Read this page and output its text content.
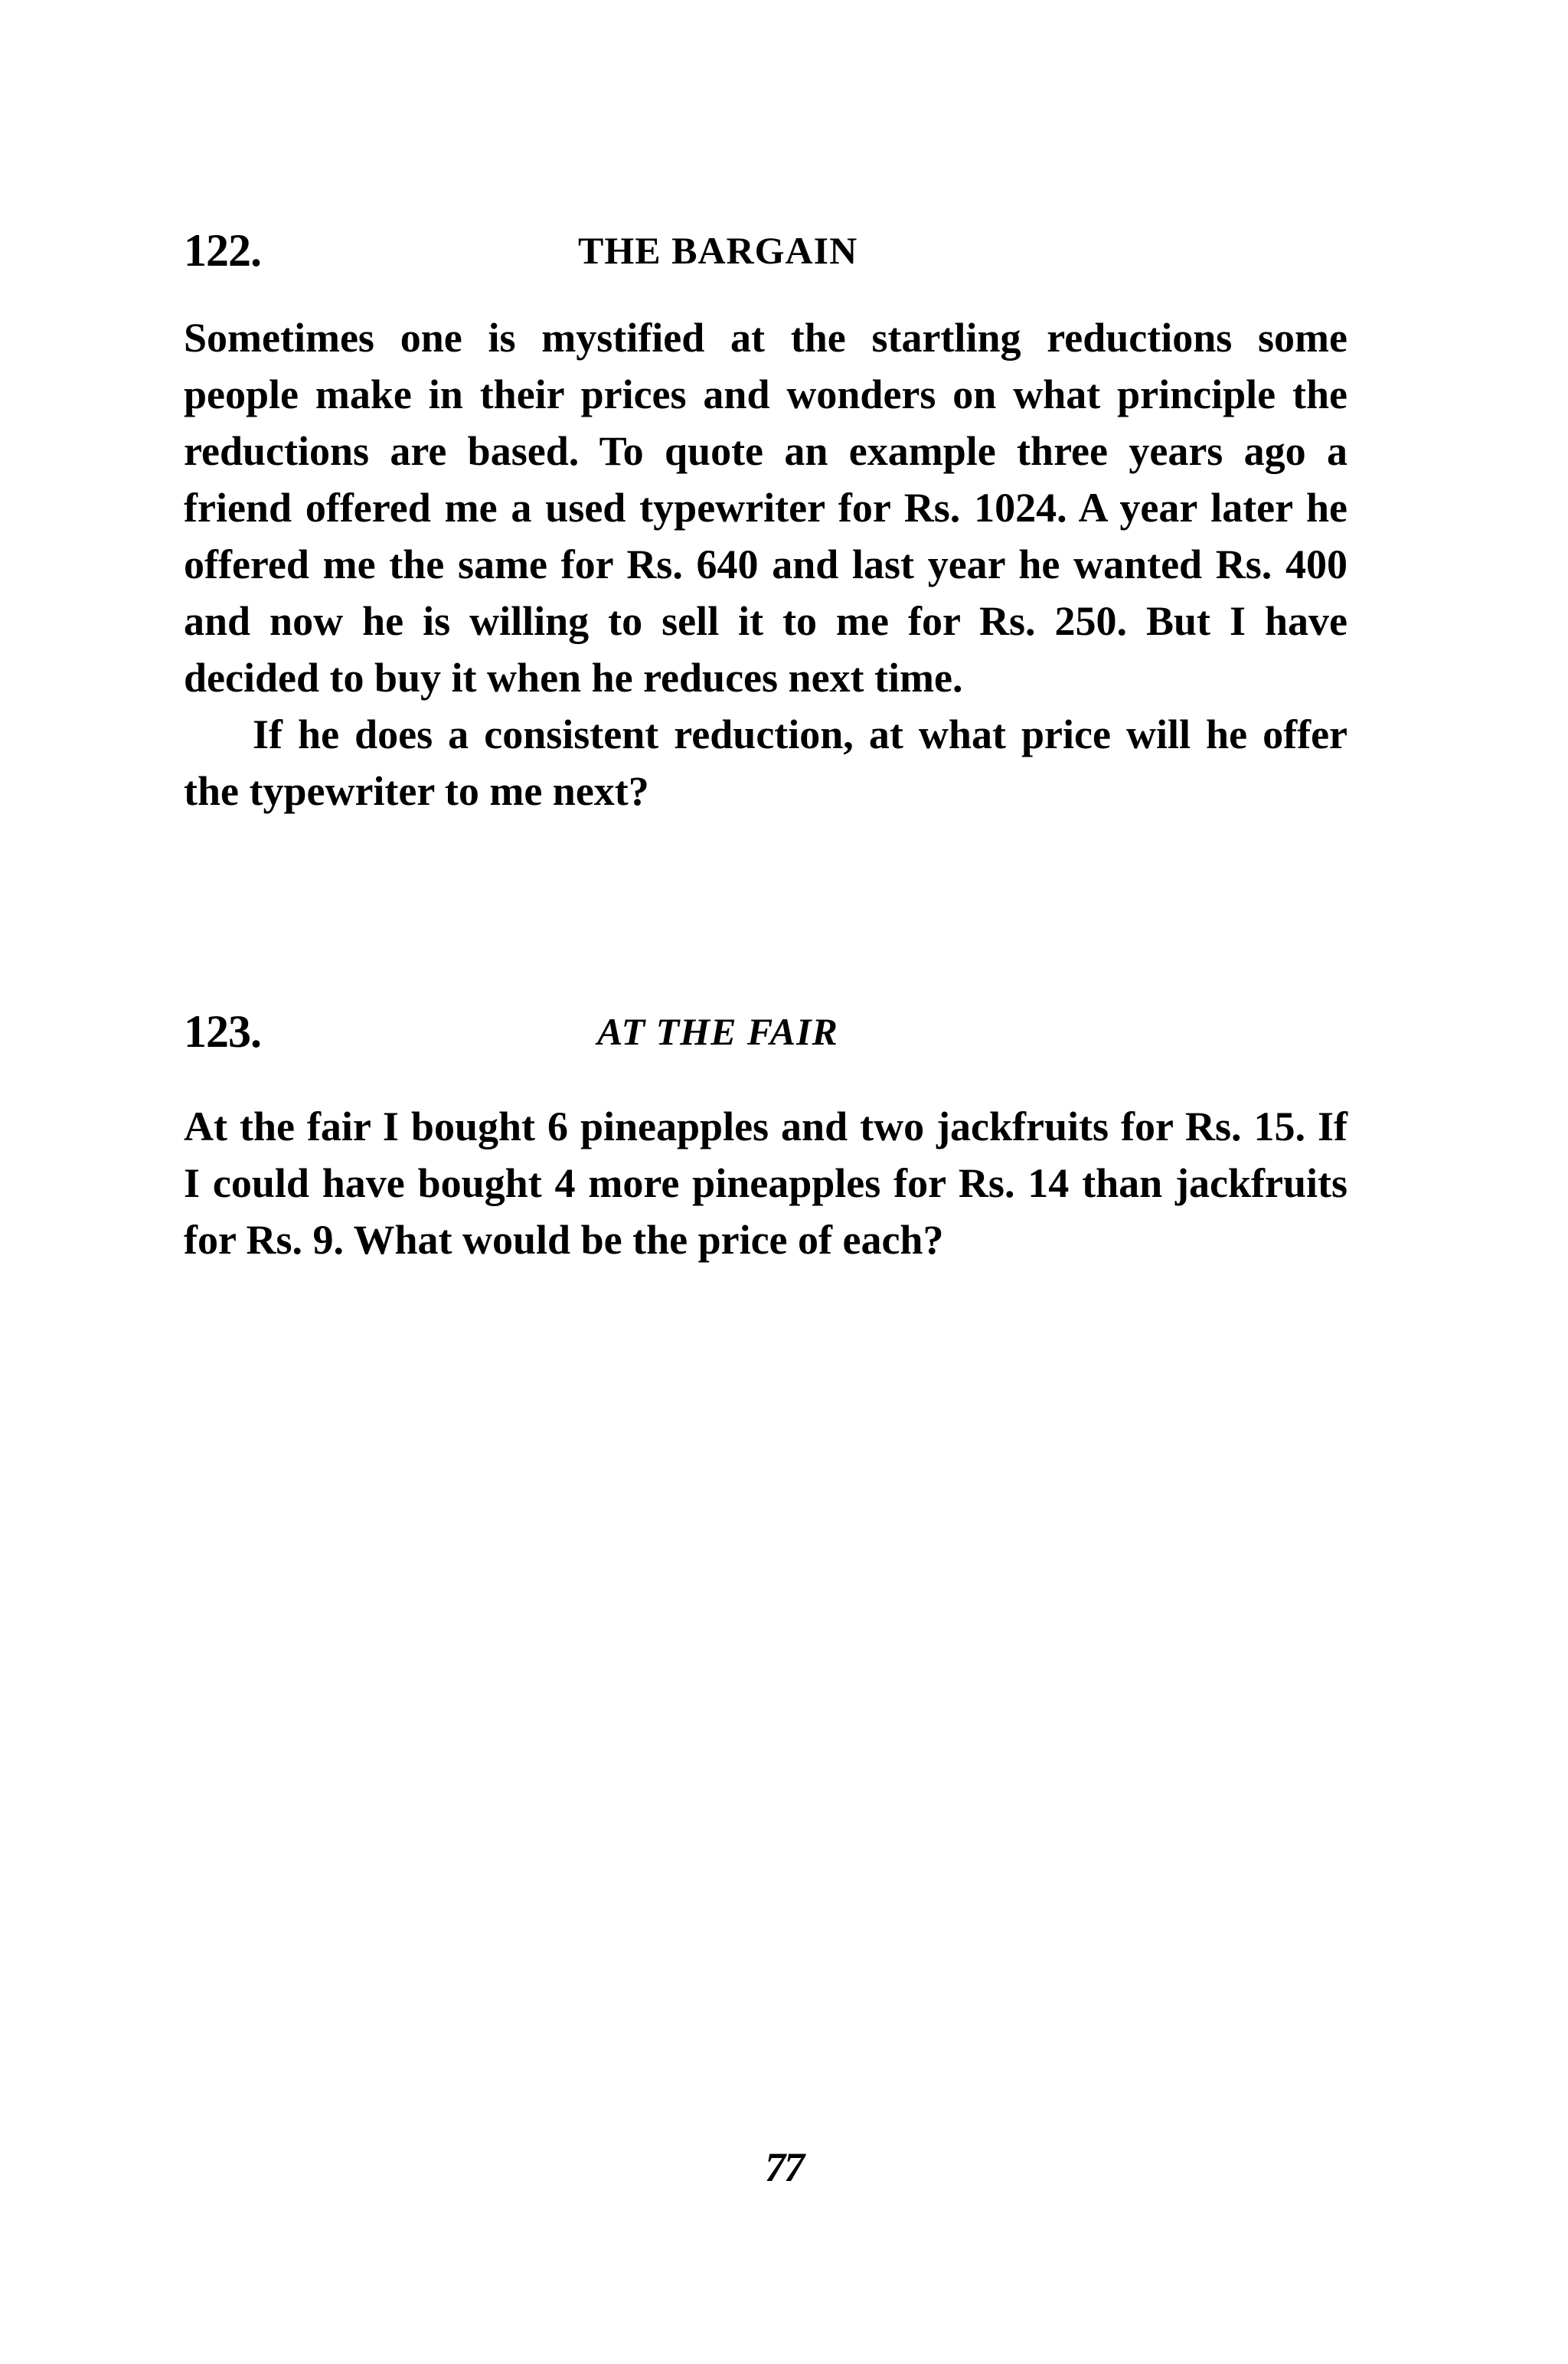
122.	THE BARGAIN

Sometimes one is mystified at the startling reductions some people make in their prices and wonders on what principle the reductions are based. To quote an example three years ago a friend offered me a used typewriter for Rs. 1024. A year later he offered me the same for Rs. 640 and last year he wanted Rs. 400 and now he is willing to sell it to me for Rs. 250. But I have decided to buy it when he reduces next time.

If he does a consistent reduction, at what price will he offer the typewriter to me next?

123.	AT THE FAIR

At the fair I bought 6 pineapples and two jackfruits for Rs. 15. If I could have bought 4 more pineapples for Rs. 14 than jackfruits for Rs. 9. What would be the price of each?

77
